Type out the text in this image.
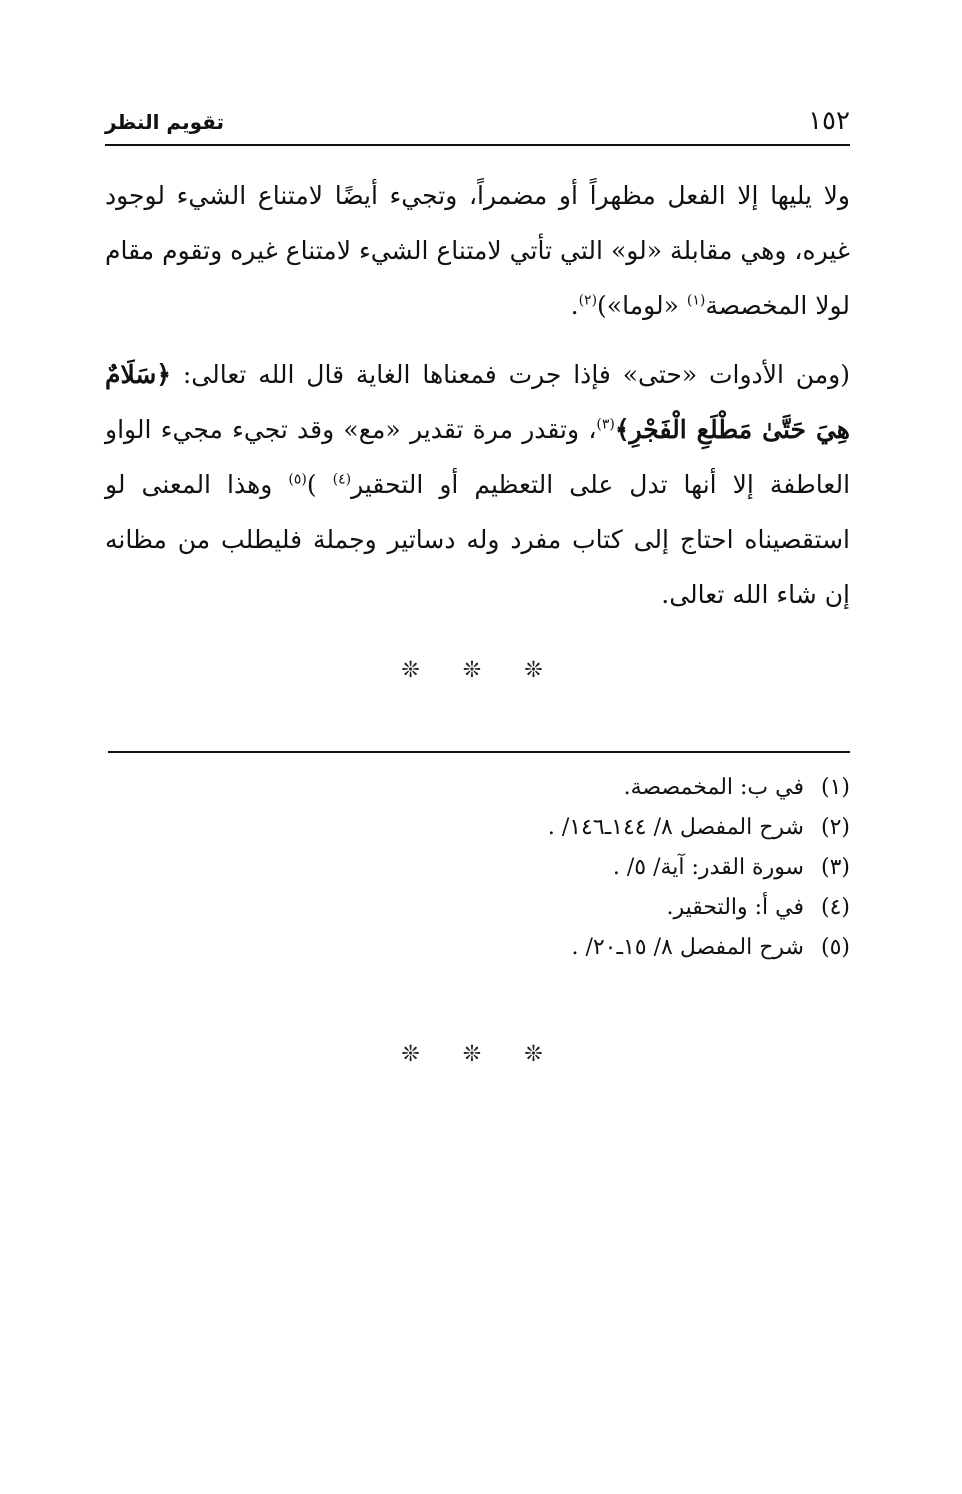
١٥٢
تقويم النظر

ولا يليها إلا الفعل مظهراً أو مضمراً، وتجيء أيضًا لامتناع الشيء لوجود غيره، وهي مقابلة «لو» التي تأتي لامتناع الشيء لامتناع غيره وتقوم مقام لولا المخصصة$^{(١)}$ «لوما»)$^{(٢)}$.

(ومن الأدوات «حتى» فإذا جرت فمعناها الغاية قال الله تعالى: ﴿سَلَامٌ هِيَ حَتَّىٰ مَطْلَعِ الْفَجْرِ﴾$^{(٣)}$، وتقدر مرة تقدير «مع» وقد تجيء مجيء الواو العاطفة إلا أنها تدل على التعظيم أو التحقير$^{(٤)}$ )$^{(٥)}$ وهذا المعنى لو استقصيناه احتاج إلى كتاب مفرد وله دساتير وجملة فليطلب من مظانه إن شاء الله تعالى.

❊ ❊ ❊
(١)في ب: المخمصصة.
(٢)شرح المفصل ٨/ ١٤٤ـ١٤٦/ .
(٣)سورة القدر: آية/ ٥/ .
(٤)في أ: والتحقير.
(٥)شرح المفصل ٨/ ١٥ـ٢٠/ .
❊ ❊ ❊
